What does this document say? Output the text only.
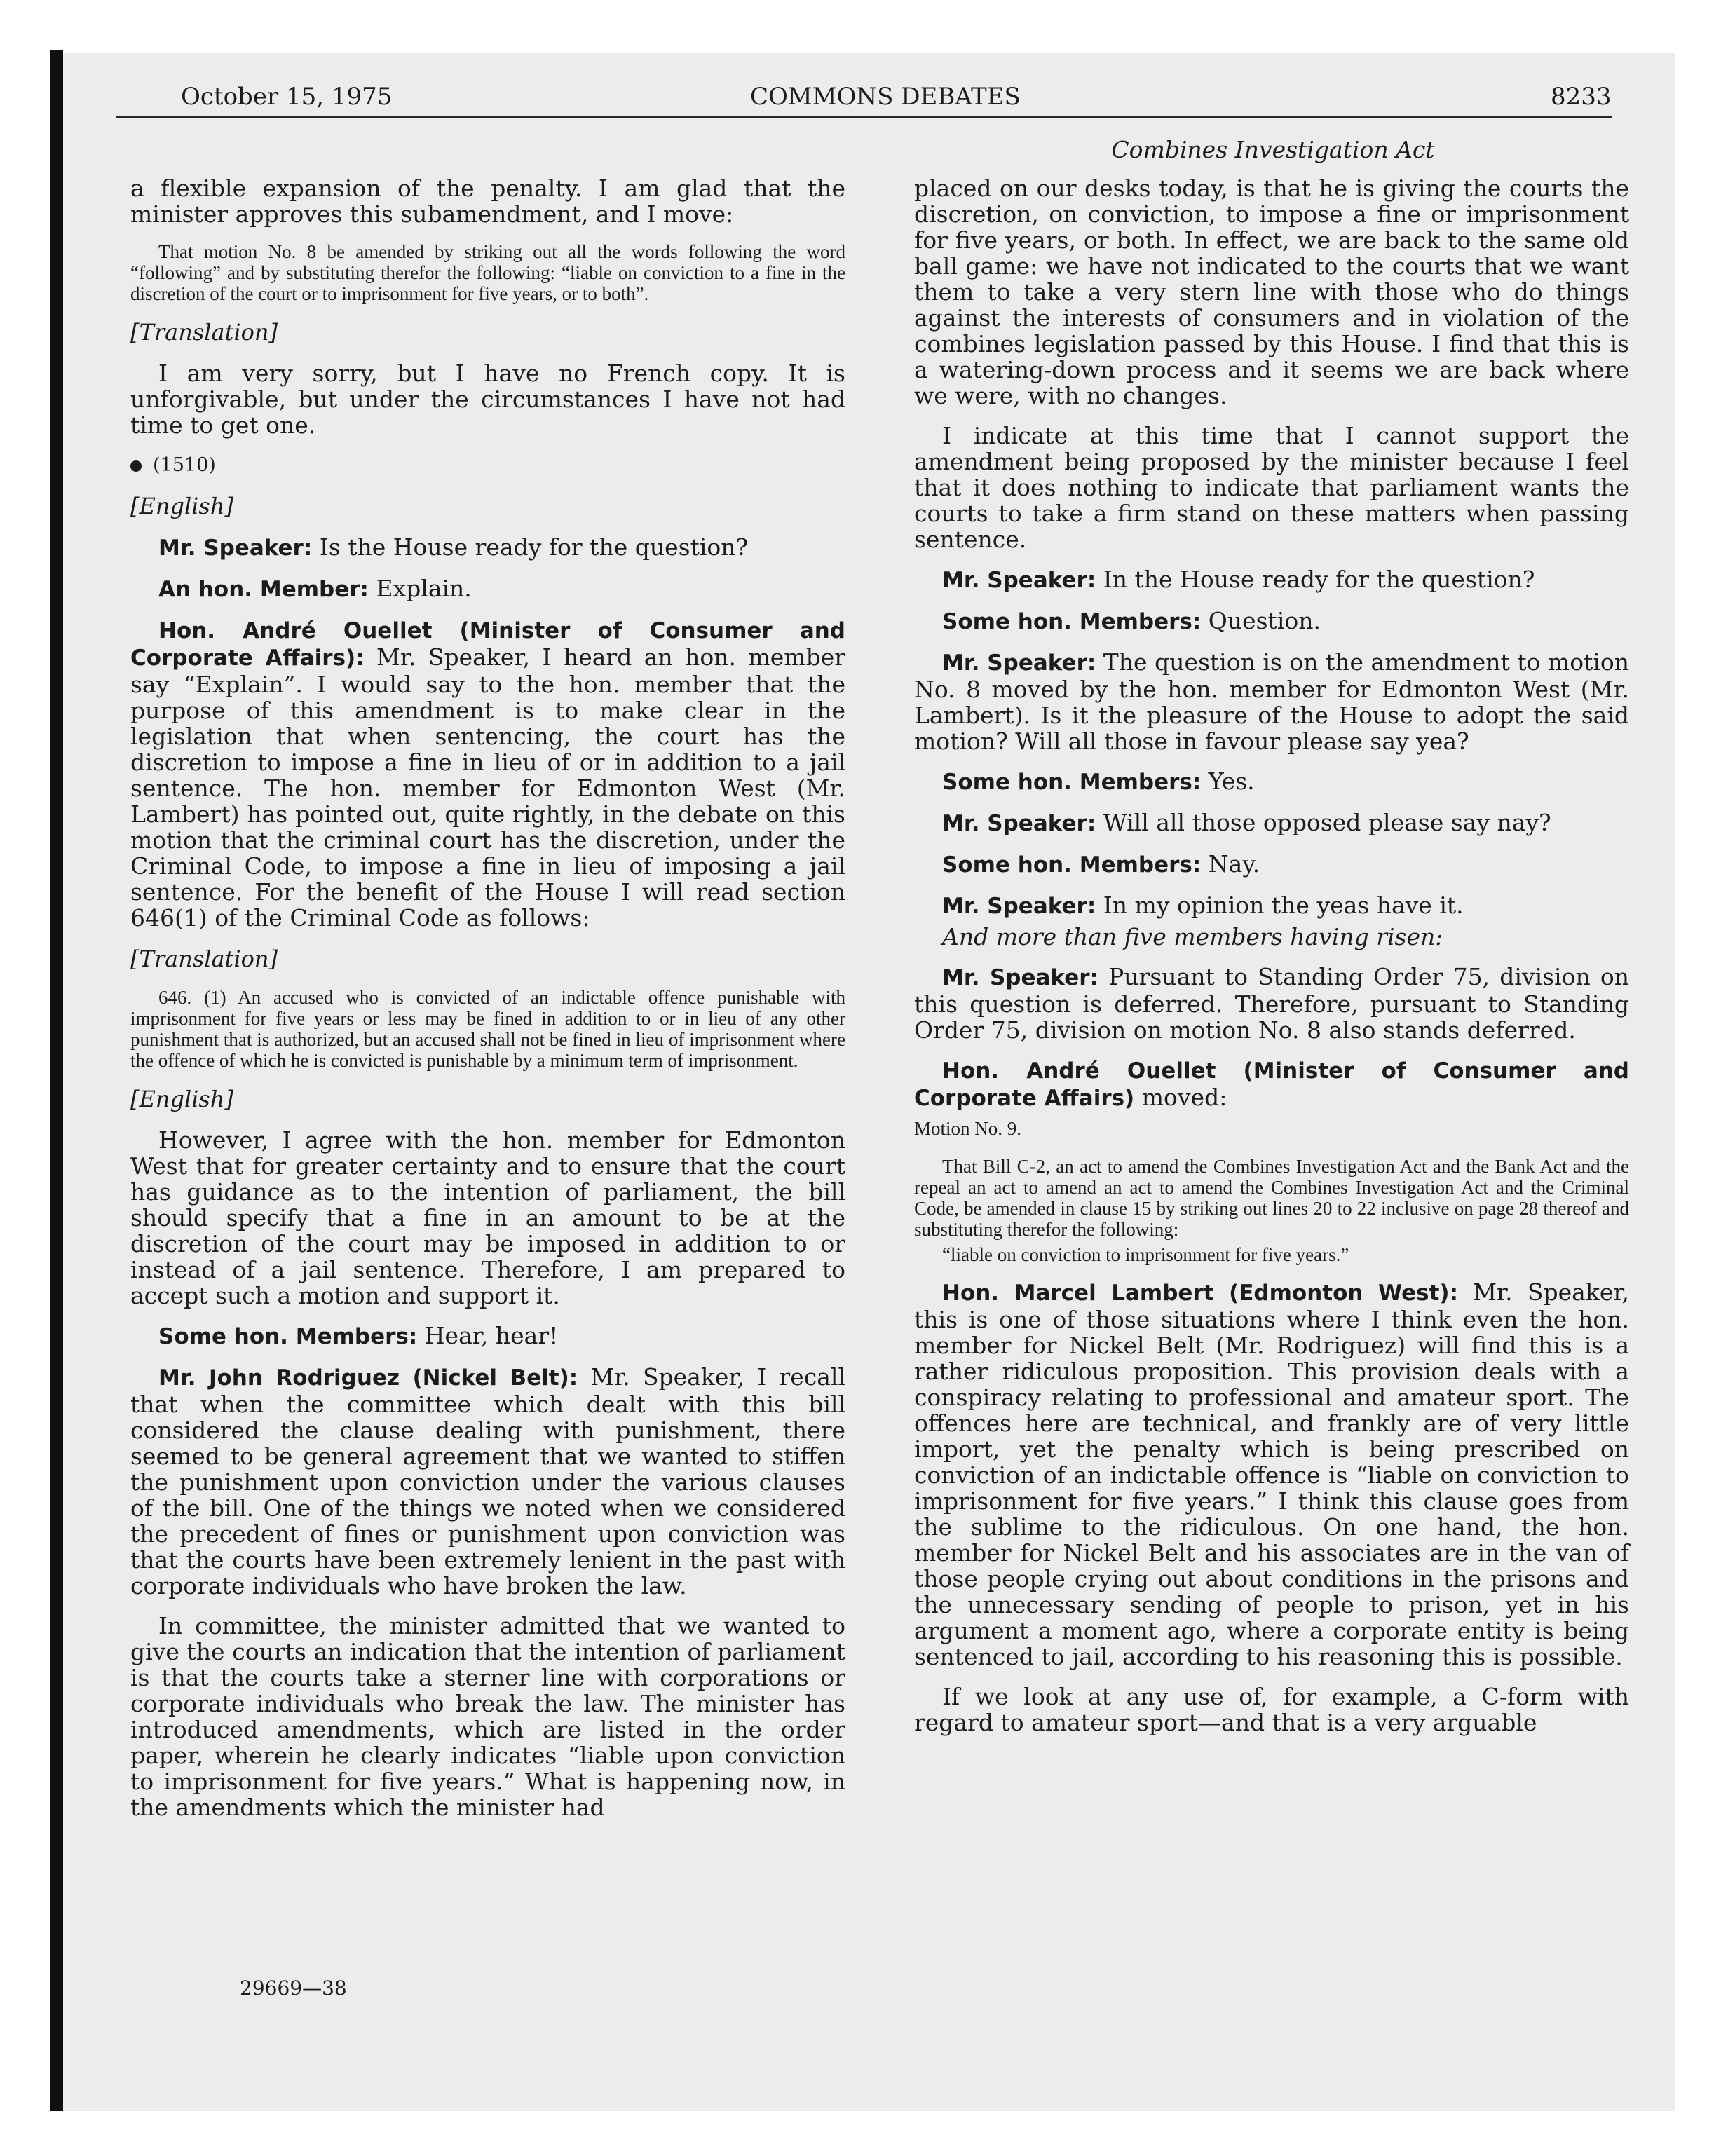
October 15, 1975	COMMONS DEBATES	8233
Combines Investigation Act

a flexible expansion of the penalty. I am glad that the minister approves this subamendment, and I move:

That motion No. 8 be amended by striking out all the words following the word “following” and by substituting therefor the following: “liable on conviction to a fine in the discretion of the court or to imprisonment for five years, or to both”.

[Translation]

I am very sorry, but I have no French copy. It is unforgivable, but under the circumstances I have not had time to get one.

(1510)

[English]

Mr. Speaker: Is the House ready for the question?

An hon. Member: Explain.

Hon. André Ouellet (Minister of Consumer and Corporate Affairs): Mr. Speaker, I heard an hon. member say “Explain”. I would say to the hon. member that the purpose of this amendment is to make clear in the legislation that when sentencing, the court has the discretion to impose a fine in lieu of or in addition to a jail sentence. The hon. member for Edmonton West (Mr. Lambert) has pointed out, quite rightly, in the debate on this motion that the criminal court has the discretion, under the Criminal Code, to impose a fine in lieu of imposing a jail sentence. For the benefit of the House I will read section 646(1) of the Criminal Code as follows:

[Translation]

646. (1) An accused who is convicted of an indictable offence punishable with imprisonment for five years or less may be fined in addition to or in lieu of any other punishment that is authorized, but an accused shall not be fined in lieu of imprisonment where the offence of which he is convicted is punishable by a minimum term of imprisonment.

[English]

However, I agree with the hon. member for Edmonton West that for greater certainty and to ensure that the court has guidance as to the intention of parliament, the bill should specify that a fine in an amount to be at the discretion of the court may be imposed in addition to or instead of a jail sentence. Therefore, I am prepared to accept such a motion and support it.

Some hon. Members: Hear, hear!

Mr. John Rodriguez (Nickel Belt): Mr. Speaker, I recall that when the committee which dealt with this bill considered the clause dealing with punishment, there seemed to be general agreement that we wanted to stiffen the punishment upon conviction under the various clauses of the bill. One of the things we noted when we considered the precedent of fines or punishment upon conviction was that the courts have been extremely lenient in the past with corporate individuals who have broken the law.

In committee, the minister admitted that we wanted to give the courts an indication that the intention of parliament is that the courts take a sterner line with corporations or corporate individuals who break the law. The minister has introduced amendments, which are listed in the order paper, wherein he clearly indicates “liable upon conviction to imprisonment for five years.” What is happening now, in the amendments which the minister had

placed on our desks today, is that he is giving the courts the discretion, on conviction, to impose a fine or imprisonment for five years, or both. In effect, we are back to the same old ball game: we have not indicated to the courts that we want them to take a very stern line with those who do things against the interests of consumers and in violation of the combines legislation passed by this House. I find that this is a watering-down process and it seems we are back where we were, with no changes.

I indicate at this time that I cannot support the amendment being proposed by the minister because I feel that it does nothing to indicate that parliament wants the courts to take a firm stand on these matters when passing sentence.

Mr. Speaker: In the House ready for the question?

Some hon. Members: Question.

Mr. Speaker: The question is on the amendment to motion No. 8 moved by the hon. member for Edmonton West (Mr. Lambert). Is it the pleasure of the House to adopt the said motion? Will all those in favour please say yea?

Some hon. Members: Yes.

Mr. Speaker: Will all those opposed please say nay?

Some hon. Members: Nay.

Mr. Speaker: In my opinion the yeas have it.

And more than five members having risen:

Mr. Speaker: Pursuant to Standing Order 75, division on this question is deferred. Therefore, pursuant to Standing Order 75, division on motion No. 8 also stands deferred.

Hon. André Ouellet (Minister of Consumer and Corporate Affairs) moved:

Motion No. 9.

That Bill C-2, an act to amend the Combines Investigation Act and the Bank Act and the repeal an act to amend an act to amend the Combines Investigation Act and the Criminal Code, be amended in clause 15 by striking out lines 20 to 22 inclusive on page 28 thereof and substituting therefor the following:

“liable on conviction to imprisonment for five years.”

Hon. Marcel Lambert (Edmonton West): Mr. Speaker, this is one of those situations where I think even the hon. member for Nickel Belt (Mr. Rodriguez) will find this is a rather ridiculous proposition. This provision deals with a conspiracy relating to professional and amateur sport. The offences here are technical, and frankly are of very little import, yet the penalty which is being prescribed on conviction of an indictable offence is “liable on conviction to imprisonment for five years.” I think this clause goes from the sublime to the ridiculous. On one hand, the hon. member for Nickel Belt and his associates are in the van of those people crying out about conditions in the prisons and the unnecessary sending of people to prison, yet in his argument a moment ago, where a corporate entity is being sentenced to jail, according to his reasoning this is possible.

If we look at any use of, for example, a C-form with regard to amateur sport—and that is a very arguable

29669—38
